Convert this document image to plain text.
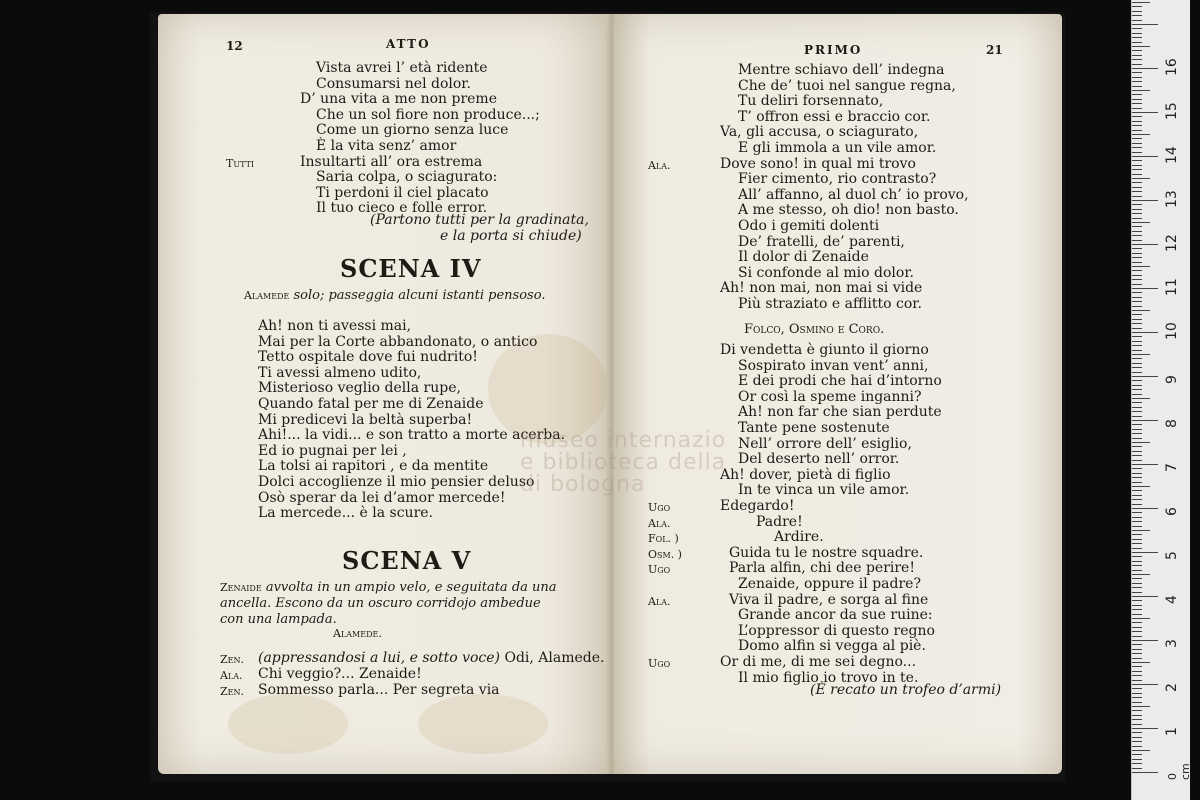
12	ATTO
(Partono tutti per la gradinata,
e la porta si chiude)
SCENA IV
Alamede solo; passeggia alcuni istanti pensoso.
SCENA V
Alamede.
Vista avrei l’ età ridente
Consumarsi nel dolor.
D’ una vita a me non preme
Che un sol fiore non produce...;
Come un giorno senza luce
È la vita senz’ amor
Tutti	Insultarti all’ ora estrema
Saria colpa, o sciagurato:
Ti perdoni il ciel placato
Il tuo cieco e folle error.
Ah! non ti avessi mai,
Mai per la Corte abbandonato, o antico
Tetto ospitale dove fui nudrito!
Ti avessi almeno udito,
Misterioso veglio della rupe,
Quando fatal per me di Zenaide
Mi predicevi la beltà superba!
Ahi!... la vidi... e son tratto a morte acerba.
Ed io pugnai per lei ,
La tolsi ai rapitori , e da mentite
Dolci accoglienze il mio pensier deluso
Osò sperar da lei d’amor mercede!
La mercede... è la scure.
Zenaide avvolta in un ampio velo, e seguitata da una
ancella. Escono da un oscuro corridojo ambedue
con una lampada.
Zen. (appressandosi a lui, e sotto voce) Odi, Alamede.
Ala. Chi veggio?... Zenaide!
Zen. Sommesso parla... Per segreta via
PRIMO	21
Folco, Osmino e Coro.
(È recato un trofeo d’armi)
Mentre schiavo dell’ indegna
Che de’ tuoi nel sangue regna,
Tu deliri forsennato,
T’ offron essi e braccio cor.
Va, gli accusa, o sciagurato,
E gli immola a un vile amor.
Ala.	Dove sono! in qual mi trovo
Fier cimento, rio contrasto?
All’ affanno, al duol ch’ io provo,
A me stesso, oh dio! non basto.
Odo i gemiti dolenti
De’ fratelli, de’ parenti,
Il dolor di Zenaide
Si confonde al mio dolor.
Ah! non mai, non mai si vide
Più straziato e afflitto cor.
Di vendetta è giunto il giorno
Sospirato invan vent’ anni,
E dei prodi che hai d’intorno
Or così la speme inganni?
Ah! non far che sian perdute
Tante pene sostenute
Nell’ orrore dell’ esiglio,
Del deserto nell’ orror.
Ah! dover, pietà di figlio
In te vinca un vile amor.
Ugo	Edegardo!
Ala.	Padre!
Fol. )	Ardire.
Osm. )	Guida tu le nostre squadre.
Ugo	Parla alfin, chi dee perire!
Zenaide, oppure il padre?
Ala.	Viva il padre, e sorga al fine
Grande ancor da sue ruine:
L’oppressor di questo regno
Domo alfin si vegga al piè.
Ugo	Or di me, di me sei degno...
Il mio figlio io trovo in te.
museo internazio
e biblioteca della
di bologna
0 cm
1
2
3
4
5
6
7
8
9
10
11
12
13
14
15
16
